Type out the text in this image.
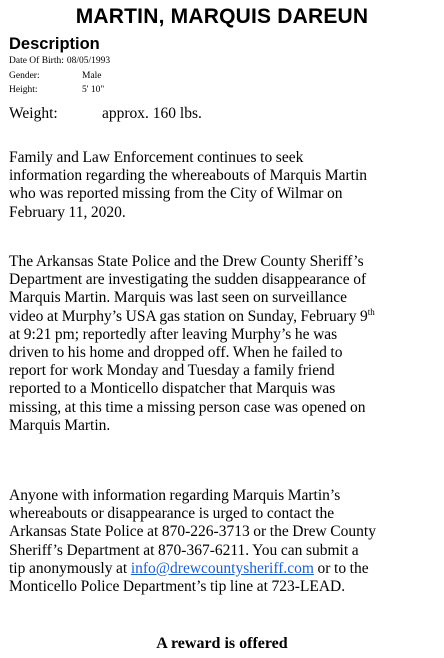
MARTIN, MARQUIS DAREUN
Description
Date Of Birth: 08/05/1993
Gender:	Male
Height:	5' 10"
Weight:	approx. 160 lbs.

Family and Law Enforcement continues to seek
information regarding the whereabouts of Marquis Martin
who was reported missing from the City of Wilmar on
February 11, 2020.

The Arkansas State Police and the Drew County Sheriff’s
Department are investigating the sudden disappearance of
Marquis Martin. Marquis was last seen on surveillance
video at Murphy’s USA gas station on Sunday, February 9th
at 9:21 pm; reportedly after leaving Murphy’s he was
driven to his home and dropped off. When he failed to
report for work Monday and Tuesday a family friend
reported to a Monticello dispatcher that Marquis was
missing, at this time a missing person case was opened on
Marquis Martin.

Anyone with information regarding Marquis Martin’s
whereabouts or disappearance is urged to contact the
Arkansas State Police at 870-226-3713 or the Drew County
Sheriff’s Department at 870-367-6211. You can submit a
tip anonymously at info@drewcountysheriff.com or to the
Monticello Police Department’s tip line at 723-LEAD.

A reward is offered
